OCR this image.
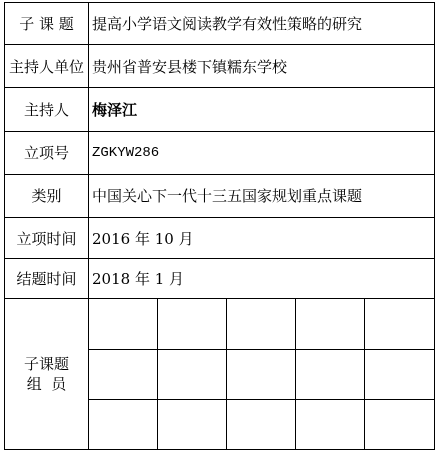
子 课 题	提高小学语文阅读教学有效性策略的研究				
主持人单位	贵州省普安县楼下镇糯东学校				
主持人	梅泽江				
立项号	ZGKYW286				
类别	中国关心下一代十三五国家规划重点课题				
立项时间	2016 年 10 月				
结题时间	2018 年 1 月				
子课题
组  员					
